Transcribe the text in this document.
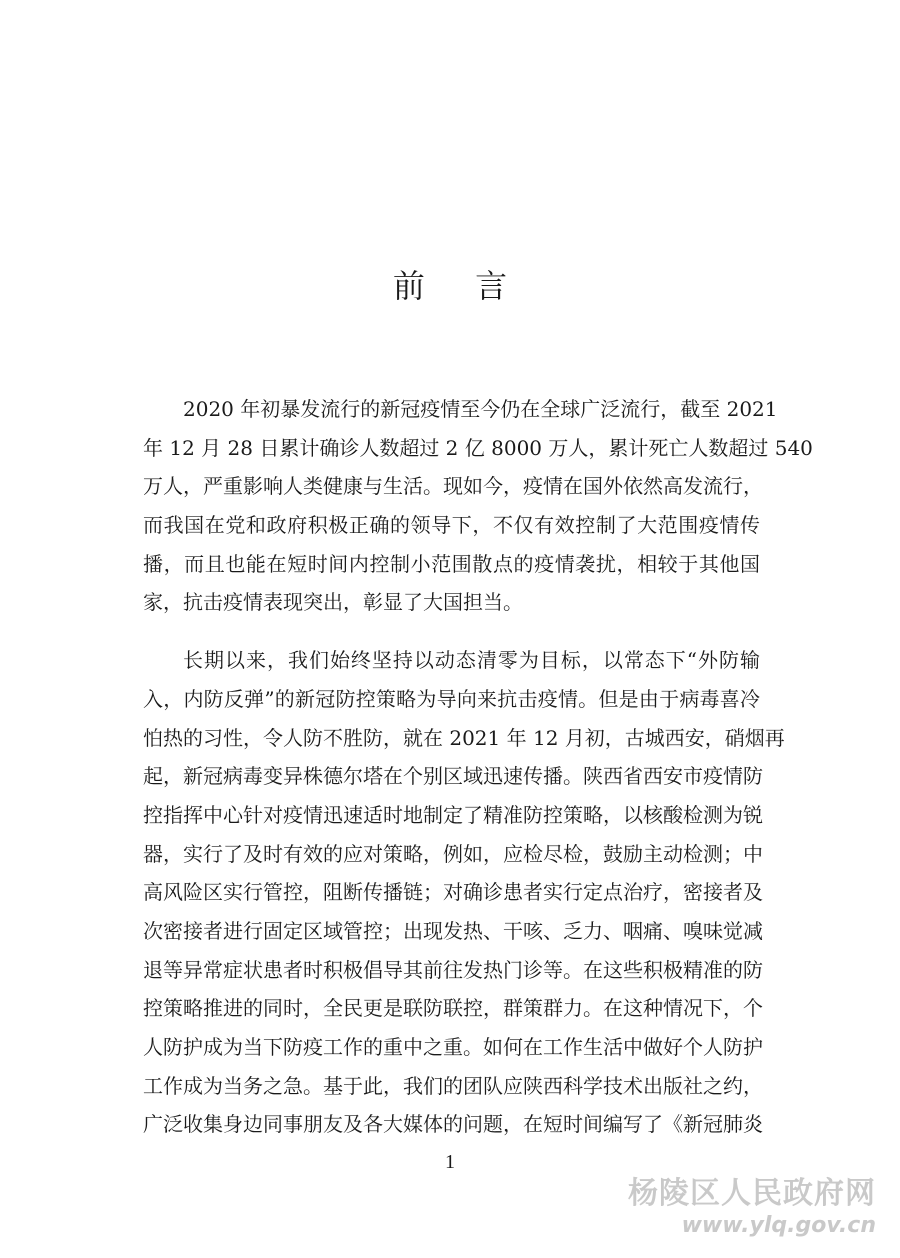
前 言
2020 年初暴发流行的新冠疫情至今仍在全球广泛流行，截至 2021
年 12 月 28 日累计确诊人数超过 2 亿 8000 万人，累计死亡人数超过 540
万人，严重影响人类健康与生活。现如今，疫情在国外依然高发流行，
而我国在党和政府积极正确的领导下，不仅有效控制了大范围疫情传
播，而且也能在短时间内控制小范围散点的疫情袭扰，相较于其他国
家，抗击疫情表现突出，彰显了大国担当。
长期以来，我们始终坚持以动态清零为目标，以常态下“外防输
入，内防反弹”的新冠防控策略为导向来抗击疫情。但是由于病毒喜冷
怕热的习性，令人防不胜防，就在 2021 年 12 月初，古城西安，硝烟再
起，新冠病毒变异株德尔塔在个别区域迅速传播。陕西省西安市疫情防
控指挥中心针对疫情迅速适时地制定了精准防控策略，以核酸检测为锐
器，实行了及时有效的应对策略，例如，应检尽检，鼓励主动检测；中
高风险区实行管控，阻断传播链；对确诊患者实行定点治疗，密接者及
次密接者进行固定区域管控；出现发热、干咳、乏力、咽痛、嗅味觉减
退等异常症状患者时积极倡导其前往发热门诊等。在这些积极精准的防
控策略推进的同时，全民更是联防联控，群策群力。在这种情况下，个
人防护成为当下防疫工作的重中之重。如何在工作生活中做好个人防护
工作成为当务之急。基于此，我们的团队应陕西科学技术出版社之约，
广泛收集身边同事朋友及各大媒体的问题，在短时间编写了《新冠肺炎
1
杨陵区人民政府网
www.ylq.gov.cn
